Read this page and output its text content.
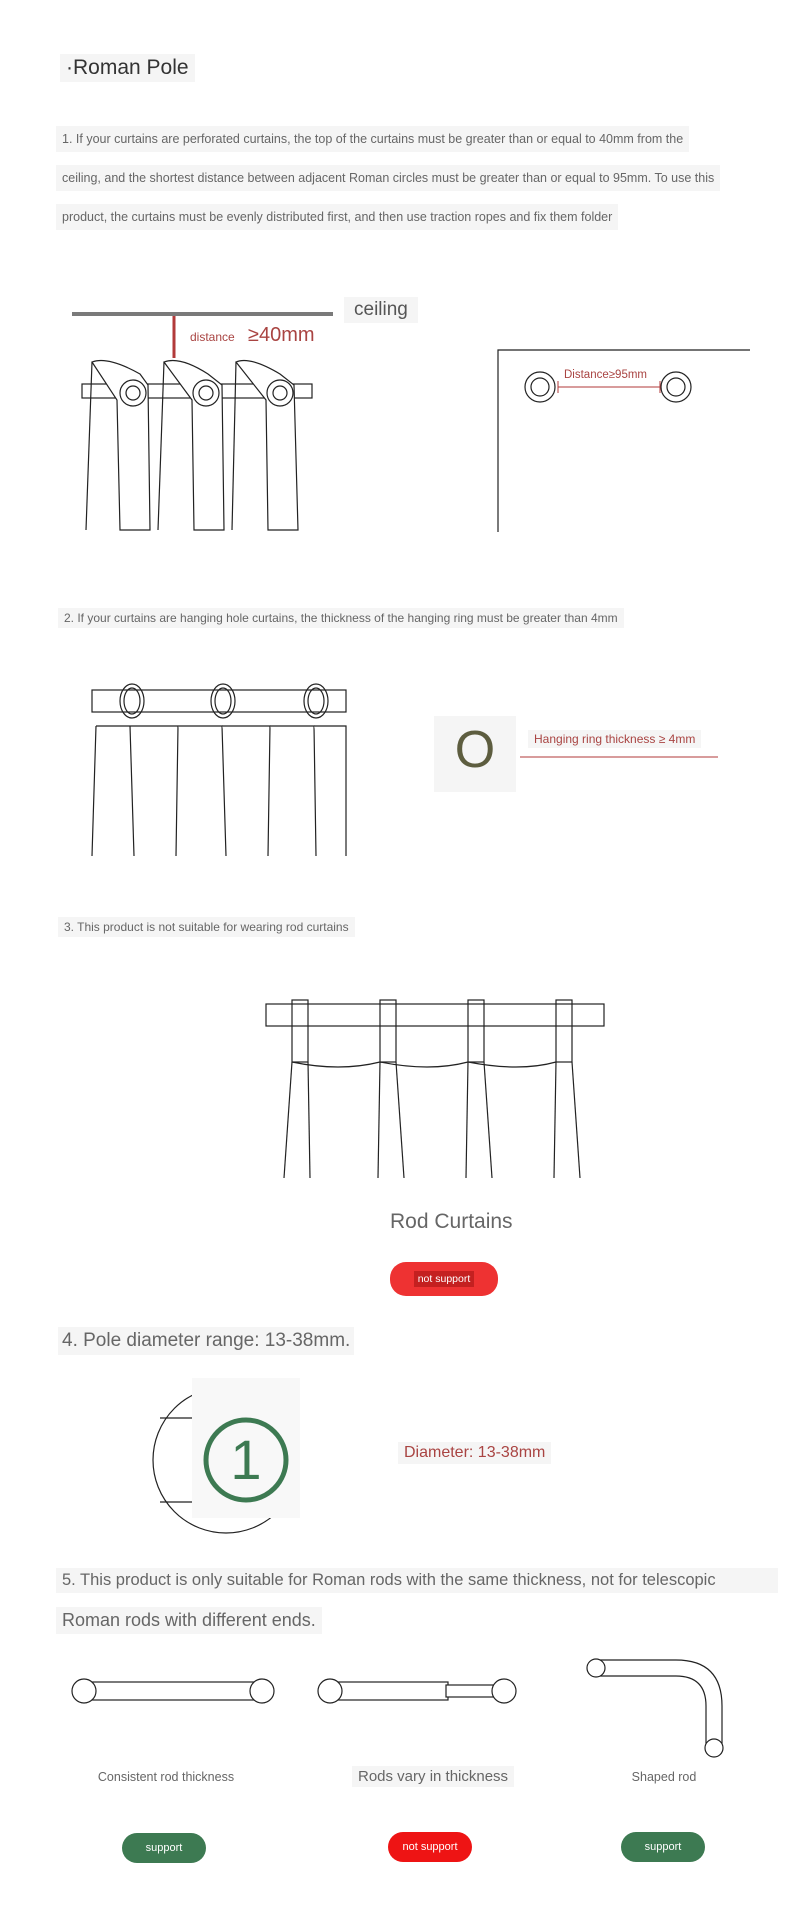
·Roman Pole
1. If your curtains are perforated curtains, the top of the curtains must be greater than or equal to 40mm from the
ceiling, and the shortest distance between adjacent Roman circles must be greater than or equal to 95mm. To use this
product, the curtains must be evenly distributed first, and then use traction ropes and fix them folder
ceiling
distance ≥40mm
Distance≥95mm
2. If your curtains are hanging hole curtains, the thickness of the hanging ring must be greater than 4mm
O	Hanging ring thickness ≥ 4mm
3. This product is not suitable for wearing rod curtains
Rod Curtains
not support
4. Pole diameter range: 13-38mm.
1	Diameter: 13-38mm
5. This product is only suitable for Roman rods with the same thickness, not for telescopic
Roman rods with different ends.
Consistent rod thickness	Rods vary in thickness	Shaped rod
support	not support	support
